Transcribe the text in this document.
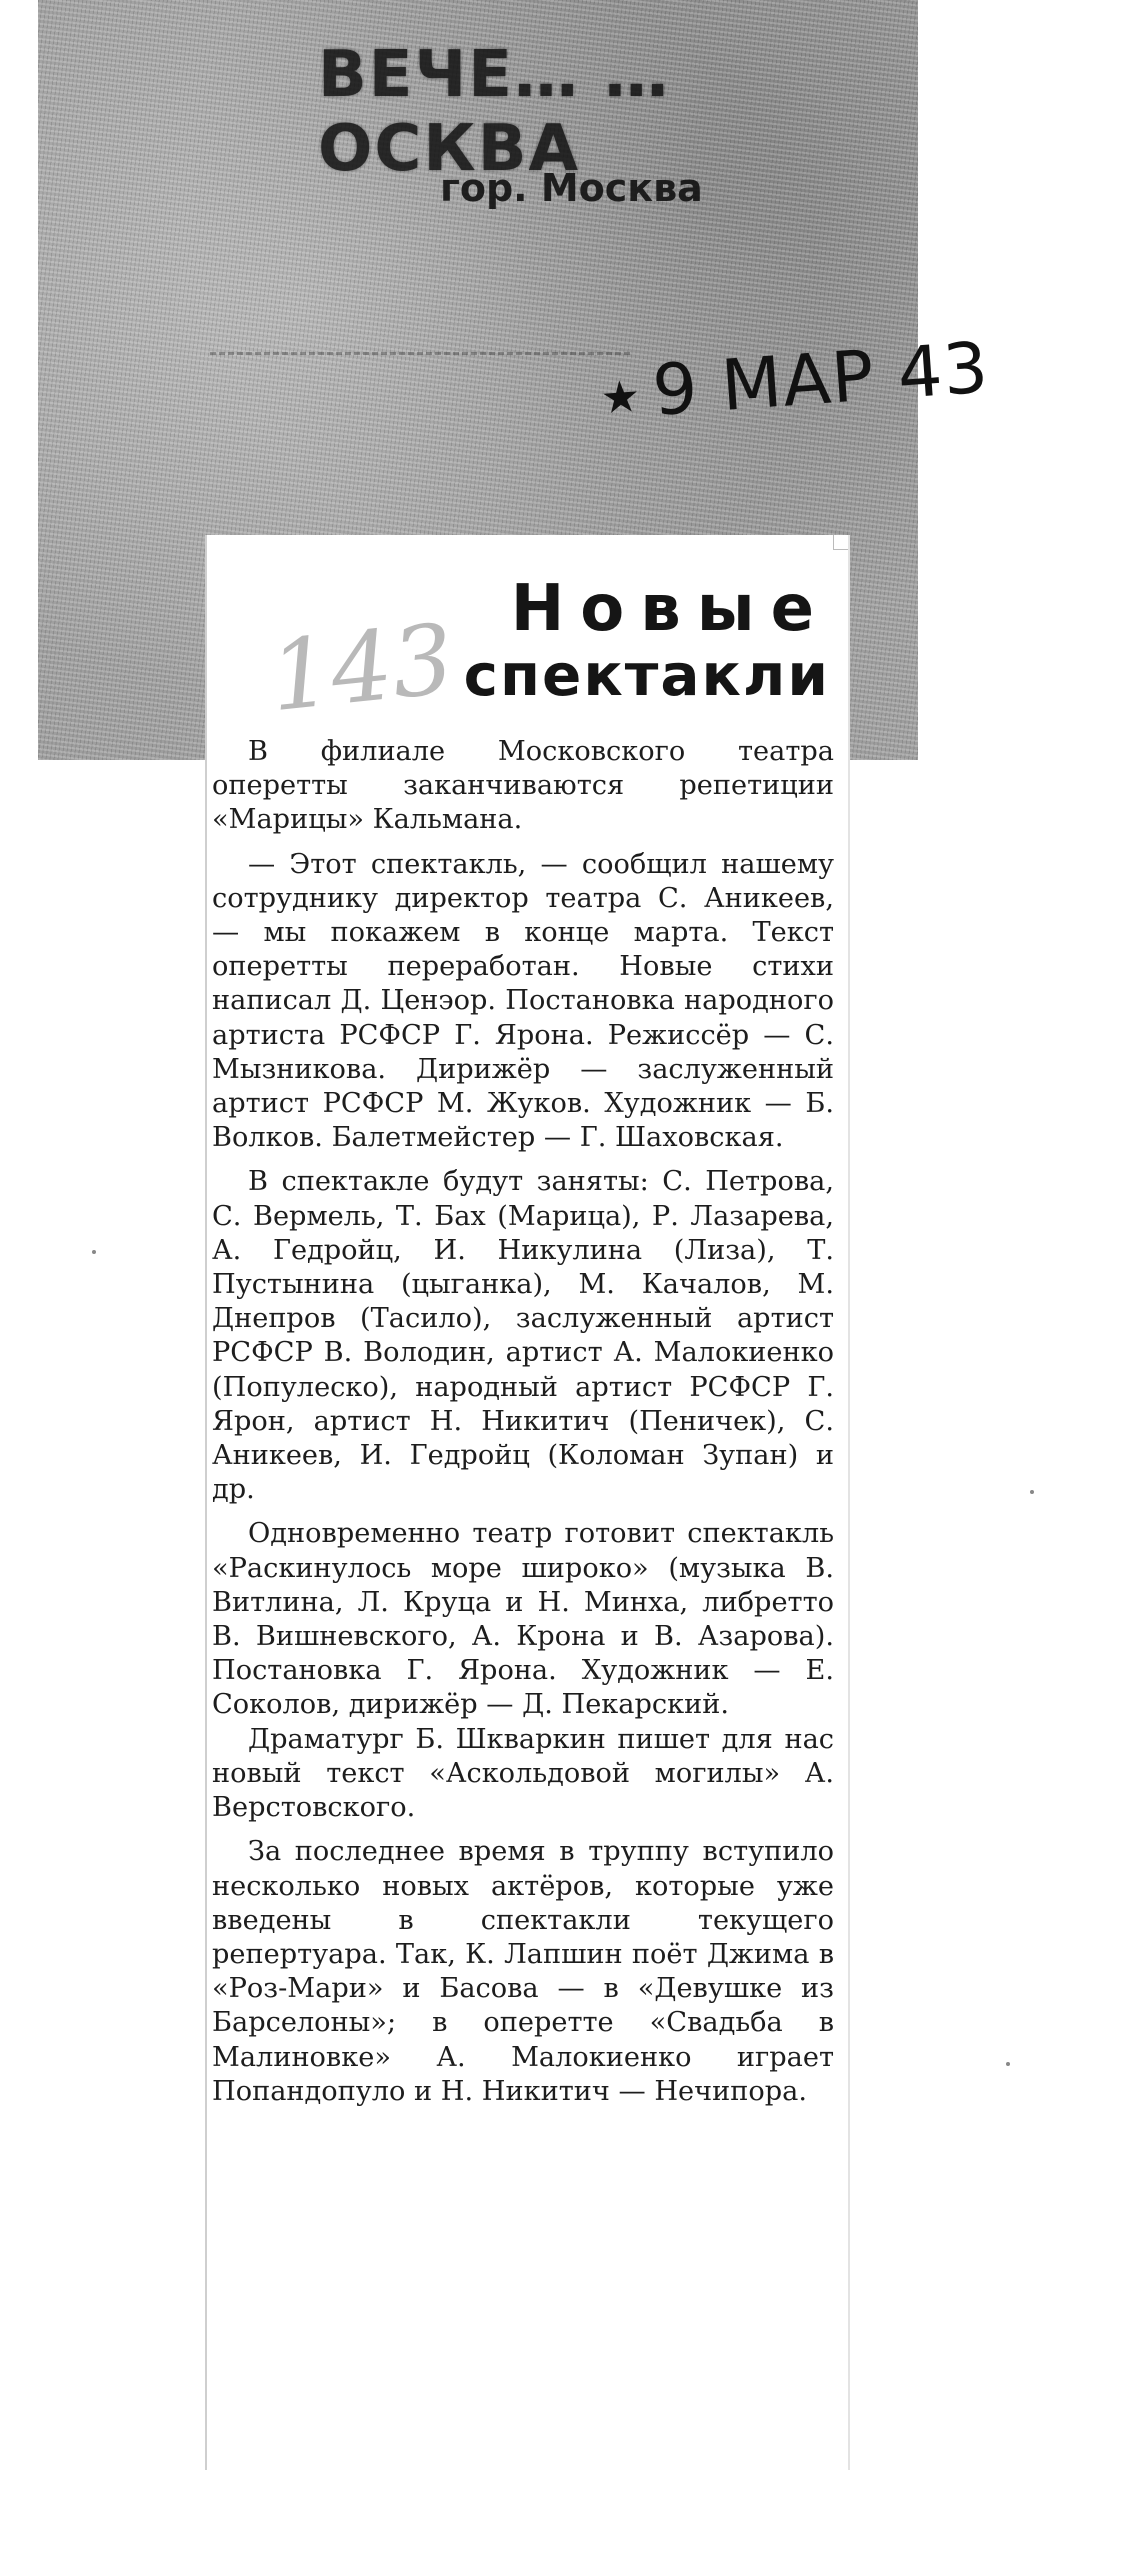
ВЕЧЕ… …ОСКВА
гор. Москва
★9 МАР 43
143 Новые
спектакли

В филиале Московского театра оперетты заканчиваются репетиции «Марицы» Кальмана.

— Этот спектакль, — сообщил нашему сотруднику директор театра С. Аникеев, — мы покажем в конце марта. Текст оперетты переработан. Новые стихи написал Д. Ценэор. Постановка народного артиста РСФСР Г. Ярона. Режиссёр — С. Мызникова. Дирижёр — заслуженный артист РСФСР М. Жуков. Художник — Б. Волков. Балетмейстер — Г. Шаховская.

В спектакле будут заняты: С. Петрова, С. Вермель, Т. Бах (Марица), Р. Лазарева, А. Гедройц, И. Никулина (Лиза), Т. Пустынина (цыганка), М. Качалов, М. Днепров (Тасило), заслуженный артист РСФСР В. Володин, артист А. Малокиенко (Популеско), народный артист РСФСР Г. Ярон, артист Н. Никитич (Пеничек), С. Аникеев, И. Гедройц (Коломан Зупан) и др.

Одновременно театр готовит спектакль «Раскинулось море широко» (музыка В. Витлина, Л. Круца и Н. Минха, либретто В. Вишневского, А. Крона и В. Азарова). Постановка Г. Ярона. Художник — Е. Соколов, дирижёр — Д. Пекарский.

Драматург Б. Шкваркин пишет для нас новый текст «Аскольдовой могилы» А. Верстовского.

За последнее время в труппу вступило несколько новых актёров, которые уже введены в спектакли текущего репертуара. Так, К. Лапшин поёт Джима в «Роз-Мари» и Басова — в «Девушке из Барселоны»; в оперетте «Свадьба в Малиновке» А. Малокиенко играет Попандопуло и Н. Никитич — Нечипора.
